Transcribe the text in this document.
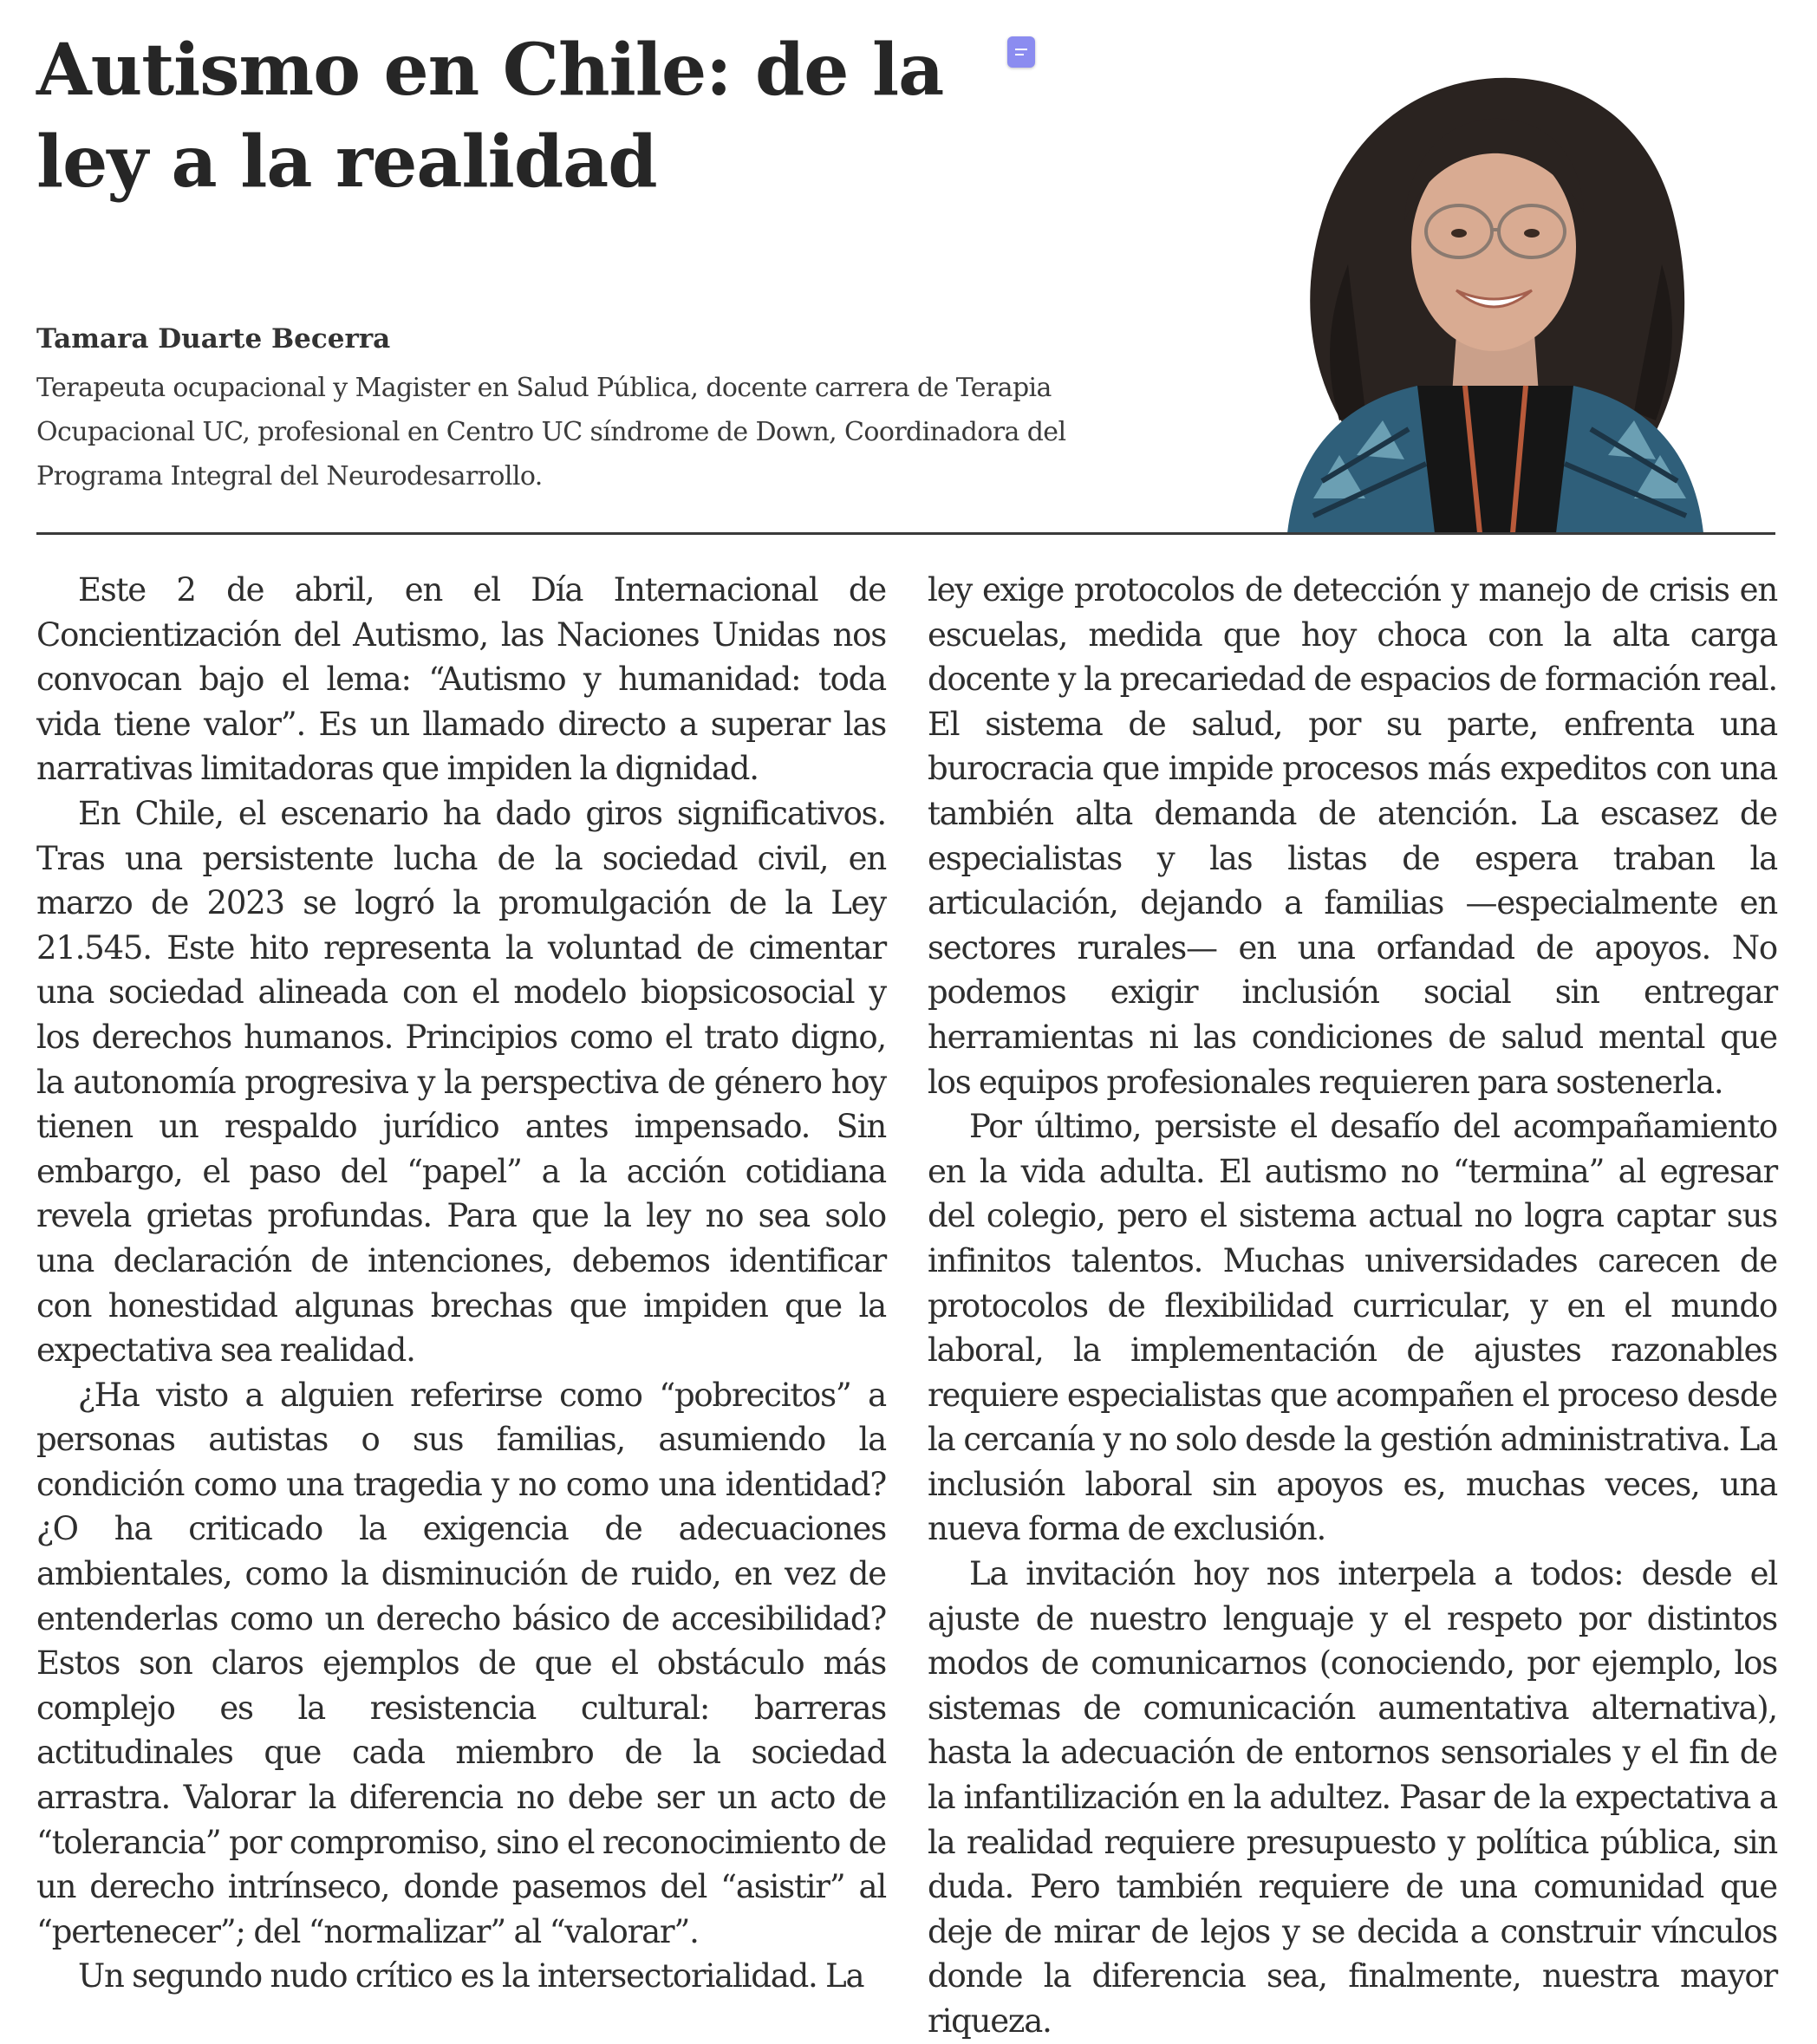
Autismo en Chile: de la ley a la realidad

Tamara Duarte Becerra

Terapeuta ocupacional y Magister en Salud Pública, docente carrera de Terapia Ocupacional UC, profesional en Centro UC síndrome de Down, Coordinadora del Programa Integral del Neurodesarrollo.

Este 2 de abril, en el Día Internacional de Concientización del Autismo, las Naciones Unidas nos convocan bajo el lema: “Autismo y humanidad: toda vida tiene valor”. Es un llamado directo a superar las narrativas limitadoras que impiden la dignidad.

En Chile, el escenario ha dado giros significativos. Tras una persistente lucha de la sociedad civil, en marzo de 2023 se logró la promulgación de la Ley 21.545. Este hito representa la voluntad de cimentar una sociedad alineada con el modelo biopsicosocial y los derechos humanos. Principios como el trato digno, la autonomía progresiva y la perspectiva de género hoy tienen un respaldo jurídico antes impensado. Sin embargo, el paso del “papel” a la acción cotidiana revela grietas profundas. Para que la ley no sea solo una declaración de intenciones, debemos identificar con honestidad algunas brechas que impiden que la expectativa sea realidad.

¿Ha visto a alguien referirse como “pobrecitos” a personas autistas o sus familias, asumiendo la condición como una tragedia y no como una identidad? ¿O ha criticado la exigencia de adecuaciones ambientales, como la disminución de ruido, en vez de entenderlas como un derecho básico de accesibilidad? Estos son claros ejemplos de que el obstáculo más complejo es la resistencia cultural: barreras actitudinales que cada miembro de la sociedad arrastra. Valorar la diferencia no debe ser un acto de “tolerancia” por compromiso, sino el reconocimiento de un derecho intrínseco, donde pasemos del “asistir” al “pertenecer”; del “normalizar” al “valorar”.

Un segundo nudo crítico es la intersectorialidad. La

ley exige protocolos de detección y manejo de crisis en escuelas, medida que hoy choca con la alta carga docente y la precariedad de espacios de formación real. El sistema de salud, por su parte, enfrenta una burocracia que impide procesos más expeditos con una también alta demanda de atención. La escasez de especialistas y las listas de espera traban la articulación, dejando a familias —especialmente en sectores rurales— en una orfandad de apoyos. No podemos exigir inclusión social sin entregar herramientas ni las condiciones de salud mental que los equipos profesionales requieren para sostenerla.

Por último, persiste el desafío del acompañamiento en la vida adulta. El autismo no “termina” al egresar del colegio, pero el sistema actual no logra captar sus infinitos talentos. Muchas universidades carecen de protocolos de flexibilidad curricular, y en el mundo laboral, la implementación de ajustes razonables requiere especialistas que acompañen el proceso desde la cercanía y no solo desde la gestión administrativa. La inclusión laboral sin apoyos es, muchas veces, una nueva forma de exclusión.

La invitación hoy nos interpela a todos: desde el ajuste de nuestro lenguaje y el respeto por distintos modos de comunicarnos (conociendo, por ejemplo, los sistemas de comunicación aumentativa alternativa), hasta la adecuación de entornos sensoriales y el fin de la infantilización en la adultez. Pasar de la expectativa a la realidad requiere presupuesto y política pública, sin duda. Pero también requiere de una comunidad que deje de mirar de lejos y se decida a construir vínculos donde la diferencia sea, finalmente, nuestra mayor riqueza.
